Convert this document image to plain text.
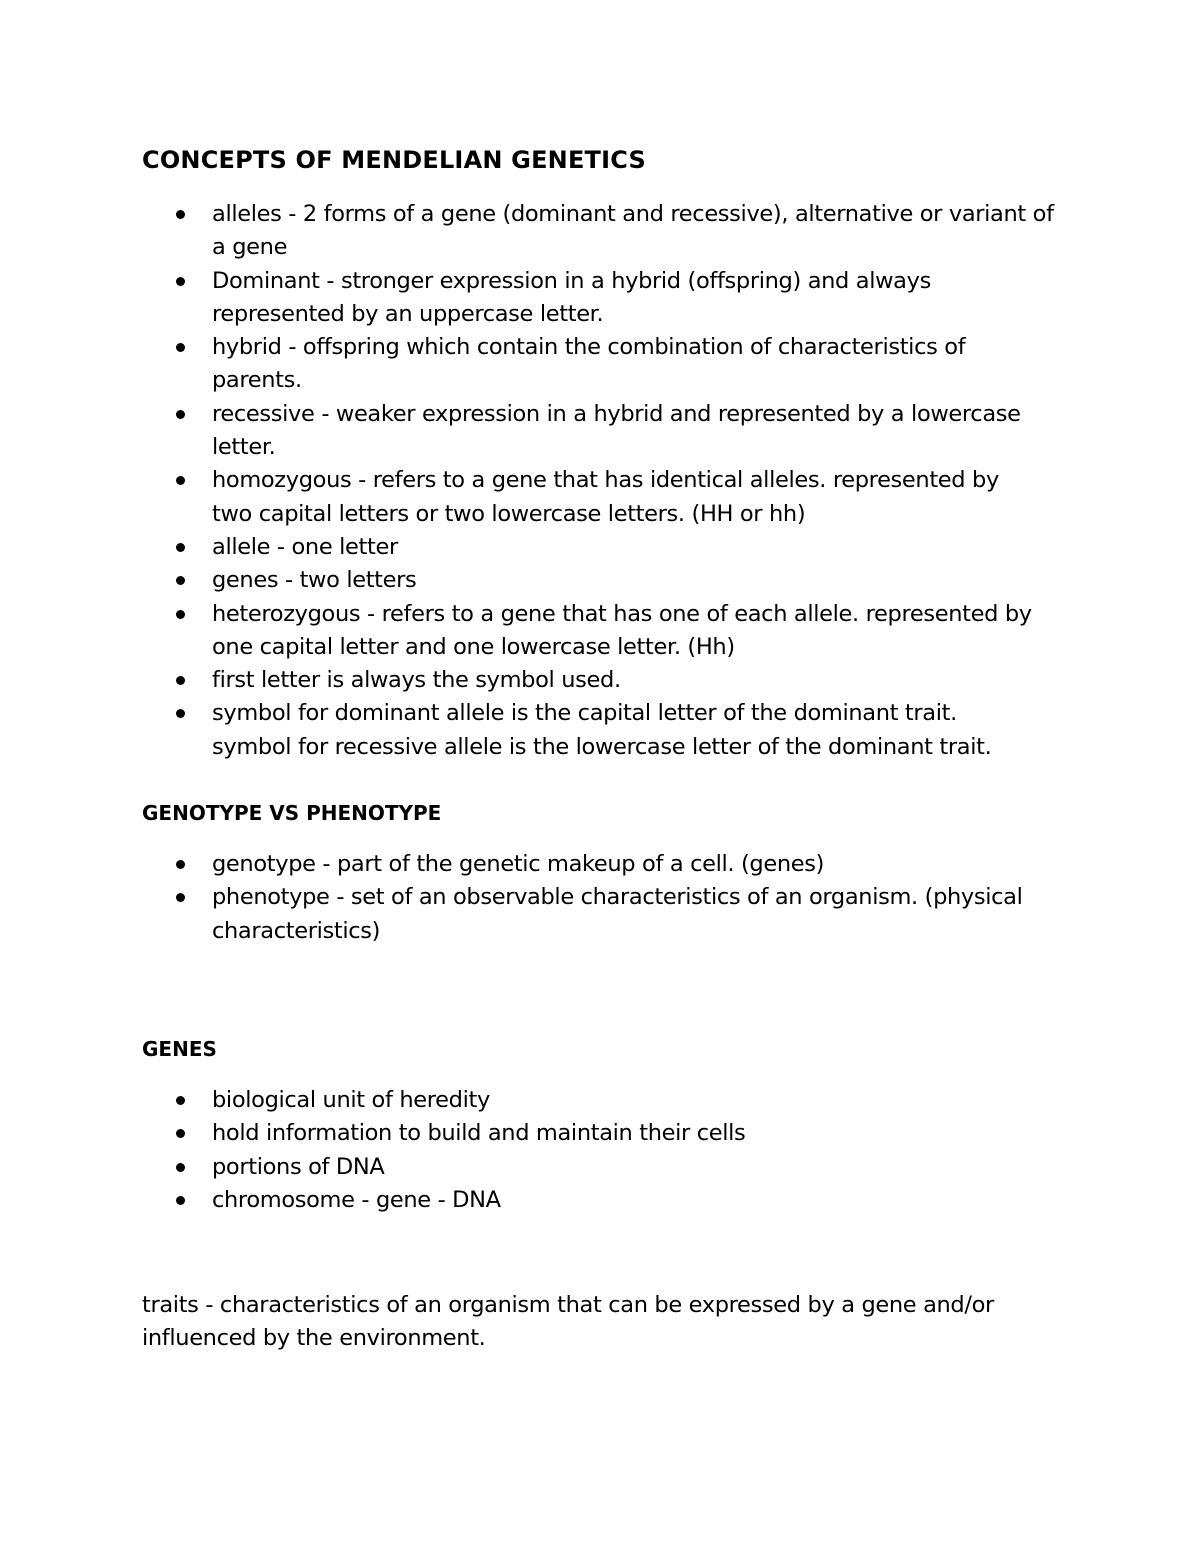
CONCEPTS OF MENDELIAN GENETICS
alleles - 2 forms of a gene (dominant and recessive), alternative or variant of a gene
Dominant - stronger expression in a hybrid (offspring) and always represented by an uppercase letter.
hybrid - offspring which contain the combination of characteristics of parents.
recessive - weaker expression in a hybrid and represented by a lowercase letter.
homozygous - refers to a gene that has identical alleles. represented by two capital letters or two lowercase letters. (HH or hh)
allele - one letter
genes - two letters
heterozygous - refers to a gene that has one of each allele. represented by one capital letter and one lowercase letter. (Hh)
first letter is always the symbol used.
symbol for dominant allele is the capital letter of the dominant trait. symbol for recessive allele is the lowercase letter of the dominant trait.
GENOTYPE VS PHENOTYPE
genotype - part of the genetic makeup of a cell. (genes)
phenotype - set of an observable characteristics of an organism. (physical characteristics)
GENES
biological unit of heredity
hold information to build and maintain their cells
portions of DNA
chromosome - gene - DNA

traits - characteristics of an organism that can be expressed by a gene and/or influenced by the environment.
